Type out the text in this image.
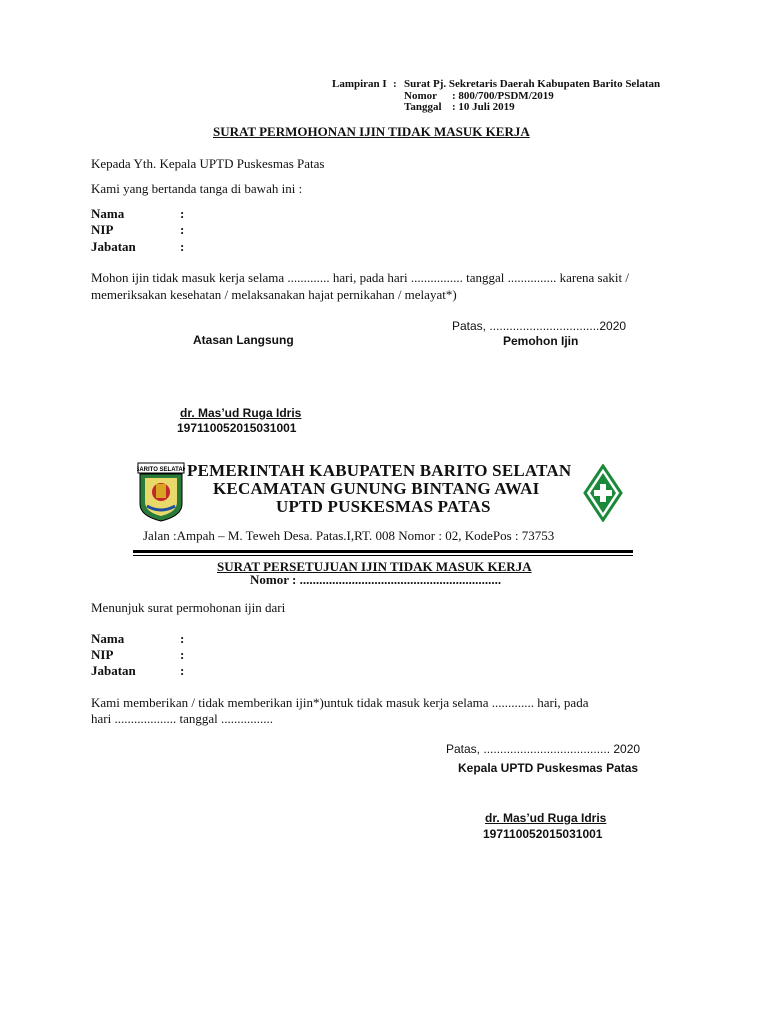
Lampiran I : Surat Pj. Sekretaris Daerah Kabupaten Barito Selatan
Nomor : 800/700/PSDM/2019
Tanggal : 10 Juli 2019
SURAT PERMOHONAN IJIN TIDAK MASUK KERJA
Kepada Yth. Kepala UPTD Puskesmas Patas
Kami yang bertanda tanga di bawah ini :
Nama	:
NIP	:
Jabatan	:
Mohon ijin tidak masuk kerja selama ............. hari, pada hari ................ tanggal ............... karena sakit /
memeriksakan kesehatan / melaksanakan hajat pernikahan / melayat*)
Patas, .................................2020
Atasan Langsung	Pemohon Ijin
dr. Mas’ud Ruga Idris
197110052015031001
BARITO SELATAN PEMERINTAH KABUPATEN BARITO SELATAN
KECAMATAN GUNUNG BINTANG AWAI
UPTD PUSKESMAS PATAS
Jalan :Ampah – M. Teweh Desa. Patas.I,RT. 008 Nomor : 02, KodePos : 73753
SURAT PERSETUJUAN IJIN TIDAK MASUK KERJA
Nomor : ..............................................................
Menunjuk surat permohonan ijin dari
Nama	:
NIP	:
Jabatan	:
Kami memberikan / tidak memberikan ijin*)untuk tidak masuk kerja selama ............. hari, pada
hari ................... tanggal ................
Patas, ...................................... 2020
Kepala UPTD Puskesmas Patas
dr. Mas’ud Ruga Idris
197110052015031001
